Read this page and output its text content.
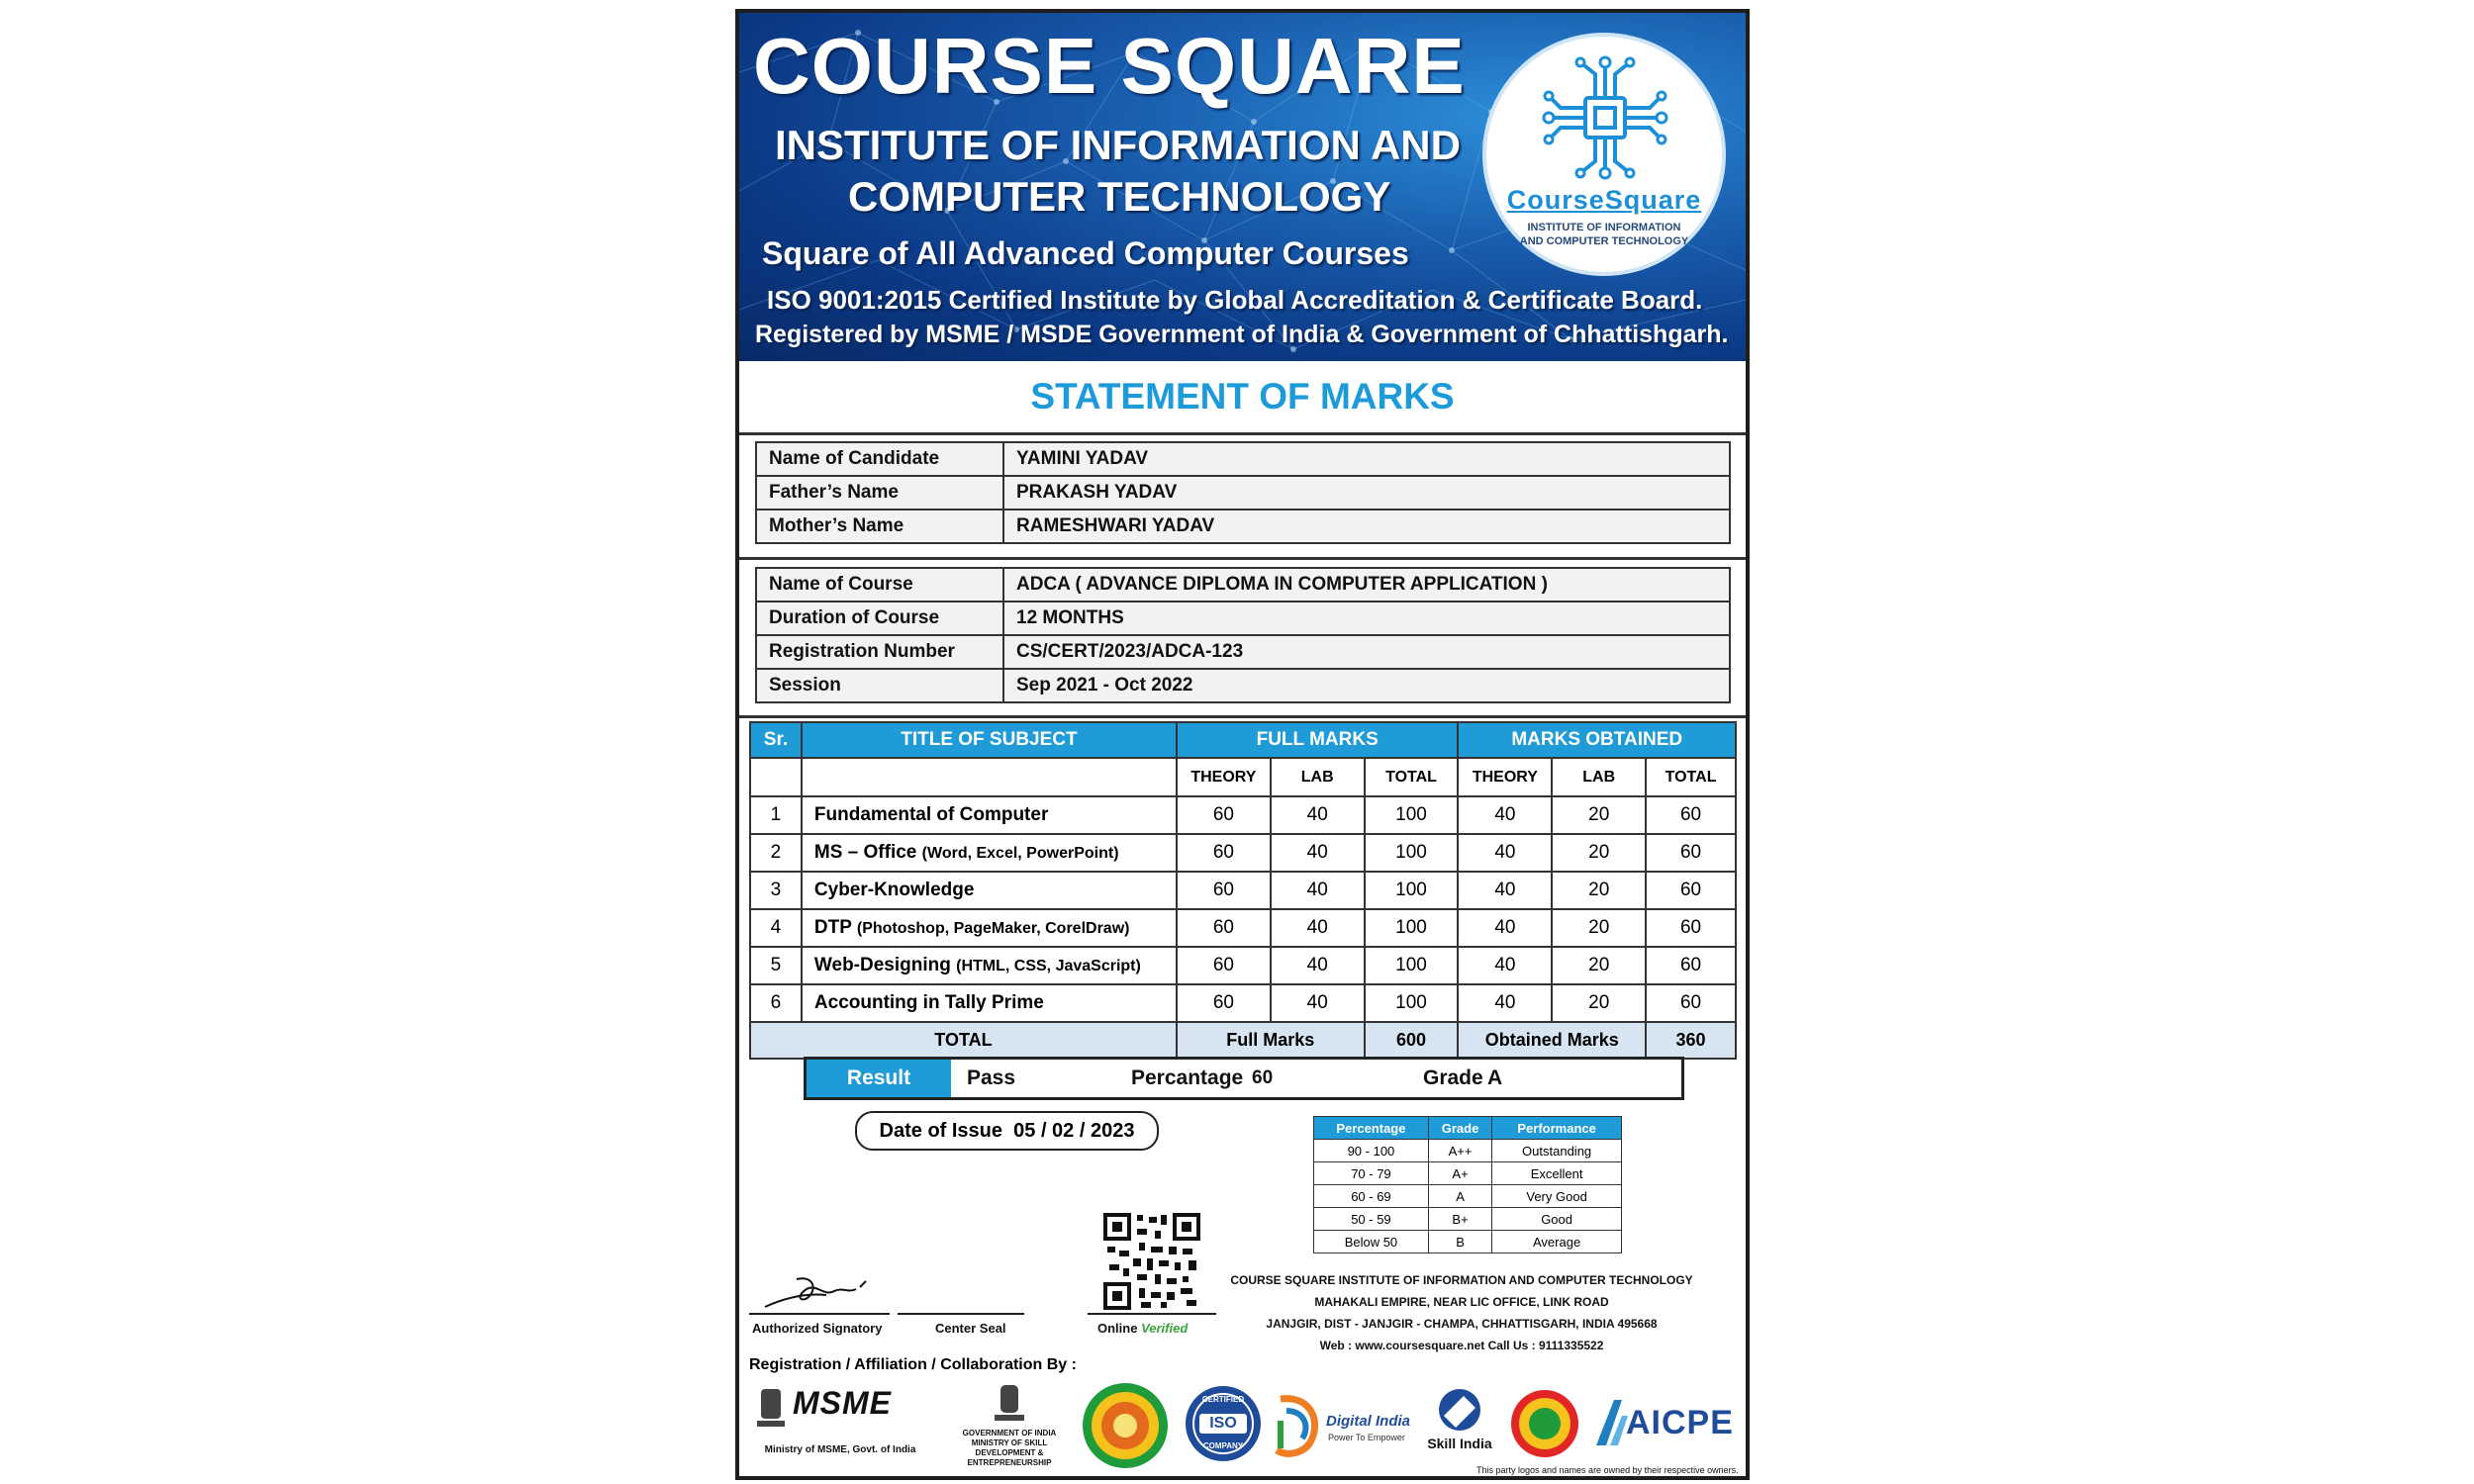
COURSE SQUARE
INSTITUTE OF INFORMATION AND
COMPUTER TECHNOLOGY
Square of All Advanced Computer Courses
ISO 9001:2015 Certified Institute by Global Accreditation & Certificate Board.
Registered by MSME / MSDE Government of India & Government of Chhattishgarh.
CourseSquare
INSTITUTE OF INFORMATION
AND COMPUTER TECHNOLOGY
STATEMENT OF MARKS
Name of Candidate	YAMINI YADAV
Father’s Name	PRAKASH YADAV
Mother’s Name	RAMESHWARI YADAV
Name of Course	ADCA ( ADVANCE DIPLOMA IN COMPUTER APPLICATION )
Duration of Course	12 MONTHS
Registration Number	CS/CERT/2023/ADCA-123
Session	Sep 2021 - Oct 2022
Sr.	TITLE OF SUBJECT	FULL MARKS			MARKS OBTAINED		
		THEORY	LAB	TOTAL	THEORY	LAB	TOTAL
1	Fundamental of Computer	60	40	100	40	20	60
2	MS – Office (Word, Excel, PowerPoint)	60	40	100	40	20	60
3	Cyber-Knowledge	60	40	100	40	20	60
4	DTP (Photoshop, PageMaker, CorelDraw)	60	40	100	40	20	60
5	Web-Designing (HTML, CSS, JavaScript)	60	40	100	40	20	60
6	Accounting in Tally Prime	60	40	100	40	20	60
TOTAL		Full Marks		600	Obtained Marks		360
Result	Pass	Percantage 60	Grade A
Date of Issue 05 / 02 / 2023	Percentage	Grade	Performance
90 - 100	A++	Outstanding
70 - 79	A+	Excellent
60 - 69	A	Very Good
50 - 59	B+	Good
Below 50	B	Average
Authorized Signatory	Center Seal	Online Verified
COURSE SQUARE INSTITUTE OF INFORMATION AND COMPUTER TECHNOLOGY
MAHAKALI EMPIRE, NEAR LIC OFFICE, LINK ROAD
JANJGIR, DIST - JANJGIR - CHAMPA, CHHATTISGARH, INDIA 495668
Web : www.coursesquare.net Call Us : 9111335522
Registration / Affiliation / Collaboration By :
MSME
Ministry of MSME, Govt. of India
GOVERNMENT OF INDIA MINISTRY OF SKILL DEVELOPMENT & ENTREPRENEURSHIP
CERTIFIED
ISO
COMPANY
Digital India
Power To Empower	Skill India
AICPE
This party logos and names are owned by their respective owners.
